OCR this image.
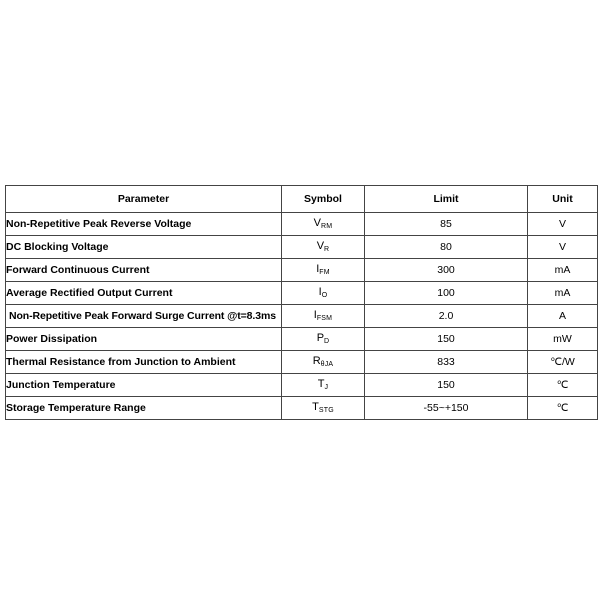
Parameter	Symbol	Limit	Unit
Non-Repetitive Peak Reverse Voltage	VRM	85	V
DC Blocking Voltage	VR	80	V
Forward Continuous Current	IFM	300	mA
Average Rectified Output Current	IO	100	mA
Non-Repetitive Peak Forward Surge Current @t=8.3ms	IFSM	2.0	A
Power Dissipation	PD	150	mW
Thermal Resistance from Junction to Ambient	RθJA	833	℃/W
Junction Temperature	TJ	150	℃
Storage Temperature Range	TSTG	-55~+150	℃
